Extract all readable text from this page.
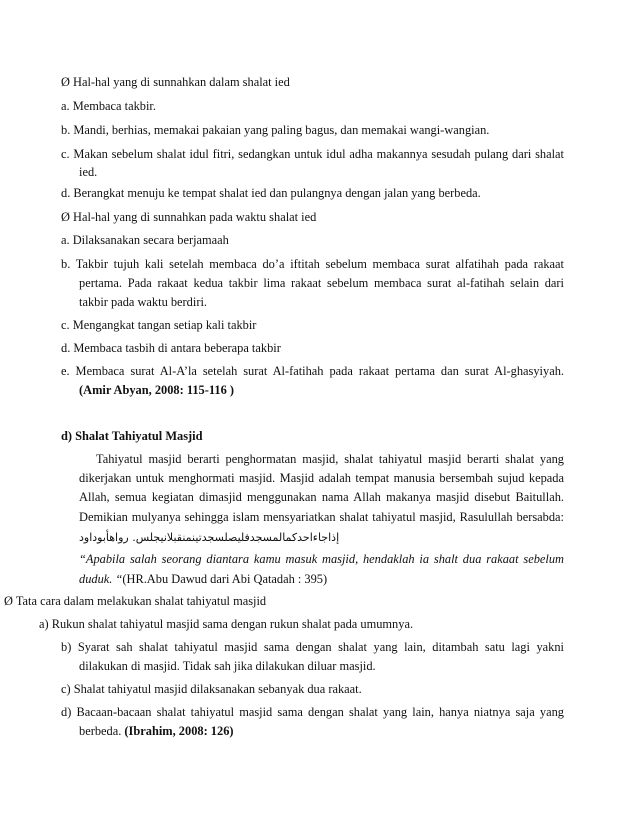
Ø Hal-hal yang di sunnahkan dalam shalat ied
a. Membaca takbir.
b. Mandi, berhias, memakai pakaian yang paling bagus, dan memakai wangi-wangian.
c. Makan sebelum shalat idul fitri, sedangkan untuk idul adha makannya sesudah pulang dari shalat
ied.
d. Berangkat menuju ke tempat shalat ied dan pulangnya dengan jalan yang berbeda.
Ø Hal-hal yang di sunnahkan pada waktu shalat ied
a. Dilaksanakan secara berjamaah
b. Takbir tujuh kali setelah membaca do’a iftitah sebelum membaca surat alfatihah pada rakaat
pertama. Pada rakaat kedua takbir lima rakaat sebelum membaca surat al-fatihah selain dari
takbir pada waktu berdiri.
c. Mengangkat tangan setiap kali takbir
d. Membaca tasbih di antara beberapa takbir
e. Membaca surat Al-A’la setelah surat Al-fatihah pada rakaat pertama dan surat Al-ghasyiyah.
(Amir Abyan, 2008: 115-116 )
d) Shalat Tahiyatul Masjid
Tahiyatul masjid berarti penghormatan masjid, shalat tahiyatul masjid berarti shalat yang
dikerjakan untuk menghormati masjid. Masjid adalah tempat manusia bersembah sujud kepada
Allah, semua kegiatan dimasjid menggunakan nama Allah makanya masjid disebut Baitullah.
Demikian mulyanya sehingga islam mensyariatkan shalat tahiyatul masjid, Rasulullah bersabda:
إذاجاءاحدكمالمسجدفليصلسجدتينمنقبلانيجلس. رواهأبوداود
“Apabila salah seorang diantara kamu masuk masjid, hendaklah ia shalt dua rakaat sebelum
duduk. “(HR.Abu Dawud dari Abi Qatadah : 395)
Ø Tata cara dalam melakukan shalat tahiyatul masjid
a) Rukun shalat tahiyatul masjid sama dengan rukun shalat pada umumnya.
b) Syarat sah shalat tahiyatul masjid sama dengan shalat yang lain, ditambah satu lagi yakni
dilakukan di masjid. Tidak sah jika dilakukan diluar masjid.
c) Shalat tahiyatul masjid dilaksanakan sebanyak dua rakaat.
d) Bacaan-bacaan shalat tahiyatul masjid sama dengan shalat yang lain, hanya niatnya saja yang
berbeda. (Ibrahim, 2008: 126)
